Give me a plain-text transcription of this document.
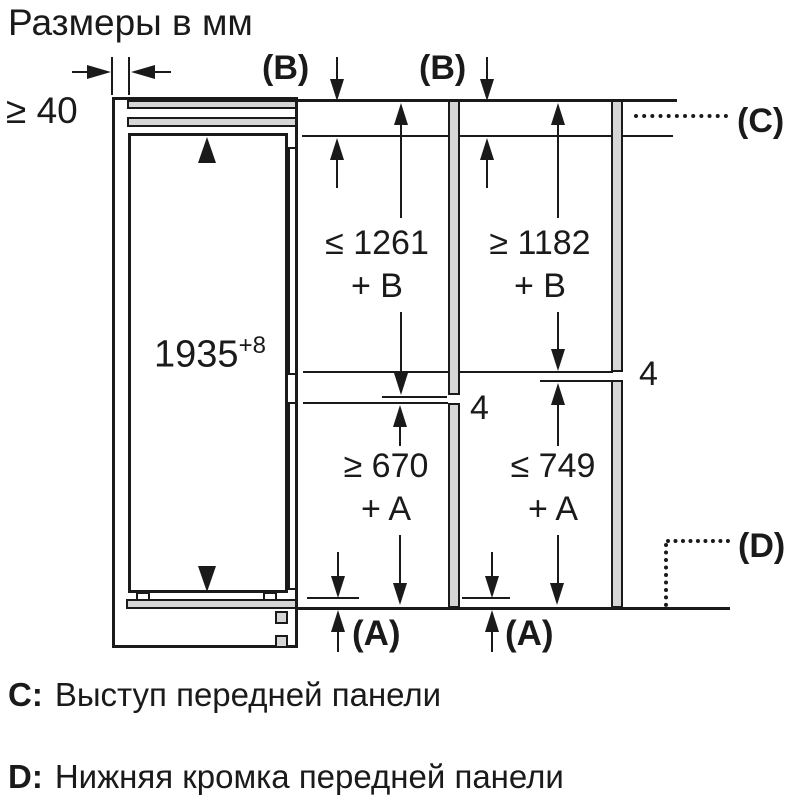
Размеры в мм
≥ 40
$1935^{+8}$
(B)	(B)
≤ 1261
+ B
≥ 1182
+ B
4
4
≥ 670
+ A
≤ 749
+ A
(A)	(A)
(C)
(D)
C: Выступ передней панели
D: Нижняя кромка передней панели
